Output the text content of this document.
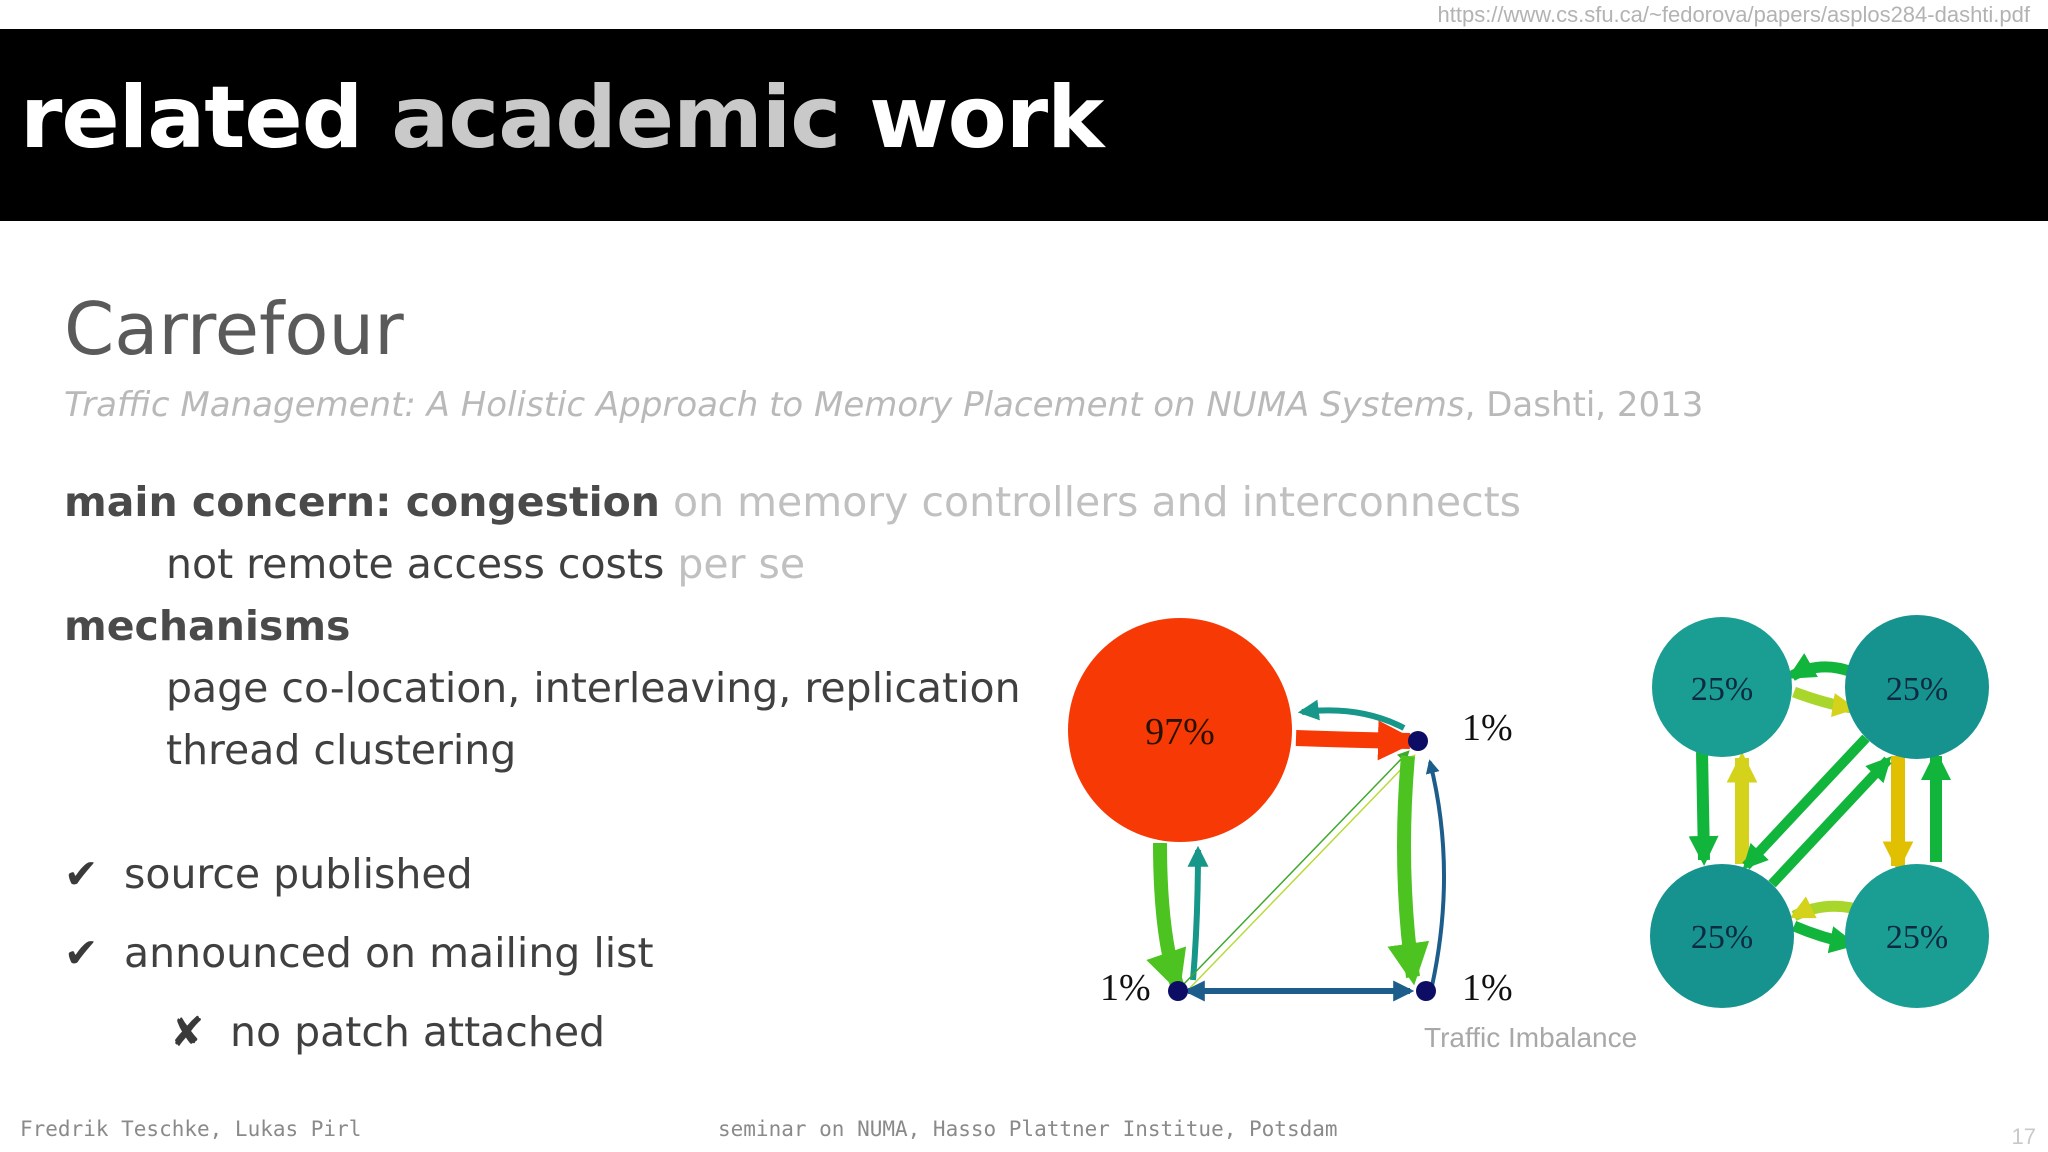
https://www.cs.sfu.ca/~fedorova/papers/asplos284-dashti.pdf
related academic work
Carrefour
Traffic Management: A Holistic Approach to Memory Placement on NUMA Systems, Dashti, 2013
main concern: congestion on memory controllers and interconnects
not remote access costs per se
mechanisms
page co-location, interleaving, replication
thread clustering
✔ source published
✔ announced on mailing list
✘ no patch attached
97%	1%
1%	1%
25%	25%
25%	25%
Traffic Imbalance
Fredrik Teschke, Lukas Pirl	seminar on NUMA, Hasso Plattner Institue, Potsdam	17
